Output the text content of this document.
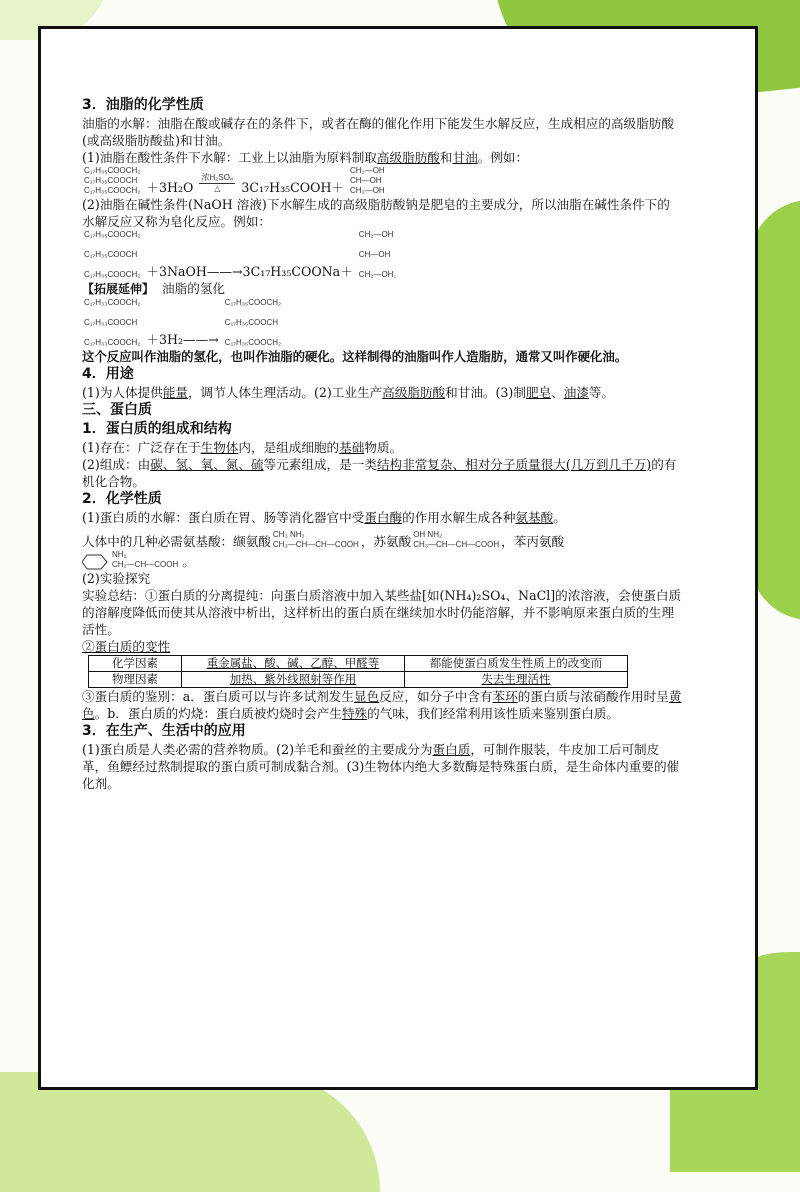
3．油脂的化学性质

油脂的水解：油脂在酸或碱存在的条件下，或者在酶的催化作用下能发生水解反应，生成相应的高级脂肪酸(或高级脂肪酸盐)和甘油。

(1)油脂在酸性条件下水解：工业上以油脂为原料制取高级脂肪酸和甘油。例如：

C₁₇H₃₅COOCH₂
C₁₇H₃₅COOCH
C₁₇H₃₅COOCH₂ ＋3H₂O
浓H₂SO₄
△ 3C₁₇H₃₅COOH＋
CH₂—OH
CH—OH
CH₂—OH

(2)油脂在碱性条件(NaOH 溶液)下水解生成的高级脂肪酸钠是肥皂的主要成分，所以油脂在碱性条件下的水解反应又称为皂化反应。例如：

C₁₇H₃₅COOCH₂

C₁₇H₃₅COOCH

C₁₇H₃₅COOCH₂ ＋3NaOH——→3C₁₇H₃₅COONa＋
CH₂—OH

CH—OH

CH₂—OH。

【拓展延伸】 油脂的氢化

C₁₇H₃₃COOCH₂

C₁₇H₃₃COOCH

C₁₇H₃₃COOCH₂ ＋3H₂——→
C₁₇H₃₅COOCH₂

C₁₇H₃₅COOCH

C₁₇H₃₅COOCH₂

这个反应叫作油脂的氢化，也叫作油脂的硬化。这样制得的油脂叫作人造脂肪，通常又叫作硬化油。

4．用途

(1)为人体提供能量，调节人体生理活动。(2)工业生产高级脂肪酸和甘油。(3)制肥皂、油漆等。

三、蛋白质
1．蛋白质的组成和结构

(1)存在：广泛存在于生物体内，是组成细胞的基础物质。

(2)组成：由碳、氢、氧、氮、硫等元素组成，是一类结构非常复杂、相对分子质量很大(几万到几千万)的有机化合物。

2．化学性质

(1)蛋白质的水解：蛋白质在胃、肠等消化器官中受蛋白酶的作用水解生成各种氨基酸。

人体中的几种必需氨基酸：缬氨酸 CH₃ NH₂
CH₃—CH—CH—COOH ，苏氨酸 OH NH₂
CH₃—CH—CH—COOH ，苯丙氨酸
NH₂
CH₂—CH—COOH 。

(2)实验探究

实验总结：①蛋白质的分离提纯：向蛋白质溶液中加入某些盐[如(NH₄)₂SO₄、NaCl]的浓溶液，会使蛋白质的溶解度降低而使其从溶液中析出，这样析出的蛋白质在继续加水时仍能溶解，并不影响原来蛋白质的生理活性。

②蛋白质的变性

化学因素	重金属盐、酸、碱、乙醇、甲醛等	都能使蛋白质发生性质上的改变而
物理因素	加热、紫外线照射等作用	失去生理活性

③蛋白质的鉴别：a．蛋白质可以与许多试剂发生显色反应，如分子中含有苯环的蛋白质与浓硝酸作用时呈黄色。b．蛋白质的灼烧：蛋白质被灼烧时会产生特殊的气味，我们经常利用该性质来鉴别蛋白质。

3．在生产、生活中的应用

(1)蛋白质是人类必需的营养物质。(2)羊毛和蚕丝的主要成分为蛋白质，可制作服装，牛皮加工后可制皮革，鱼鳔经过熬制提取的蛋白质可制成黏合剂。(3)生物体内绝大多数酶是特殊蛋白质，是生命体内重要的催化剂。
